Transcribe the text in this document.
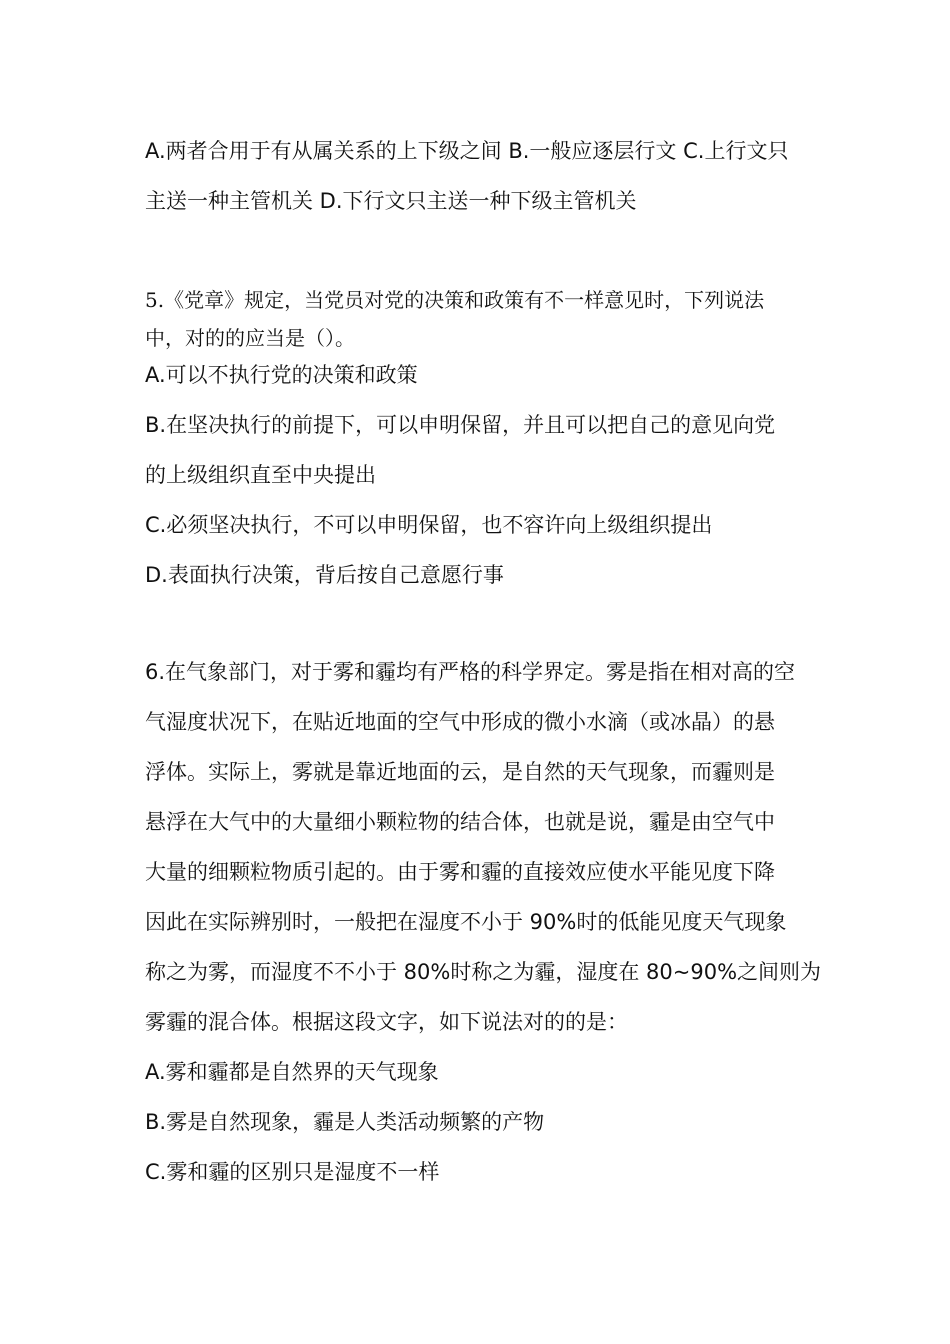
A.两者合用于有从属关系的上下级之间 B.一般应逐层行文 C.上行文只
主送一种主管机关 D.下行文只主送一种下级主管机关
5.《党章》规定，当党员对党的决策和政策有不一样意见时，下列说法
中，对的的应当是（）。
A.可以不执行党的决策和政策
B.在坚决执行的前提下，可以申明保留，并且可以把自己的意见向党
的上级组织直至中央提出
C.必须坚决执行，不可以申明保留，也不容许向上级组织提出
D.表面执行决策，背后按自己意愿行事
6.在气象部门，对于雾和霾均有严格的科学界定。雾是指在相对高的空
气湿度状况下，在贴近地面的空气中形成的微小水滴（或冰晶）的悬
浮体。实际上，雾就是靠近地面的云，是自然的天气现象，而霾则是
悬浮在大气中的大量细小颗粒物的结合体，也就是说，霾是由空气中
大量的细颗粒物质引起的。由于雾和霾的直接效应使水平能见度下降
因此在实际辨别时，一般把在湿度不小于 90%时的低能见度天气现象
称之为雾，而湿度不不小于 80%时称之为霾，湿度在 80~90%之间则为
雾霾的混合体。根据这段文字，如下说法对的的是：
A.雾和霾都是自然界的天气现象
B.雾是自然现象，霾是人类活动频繁的产物
C.雾和霾的区别只是湿度不一样
